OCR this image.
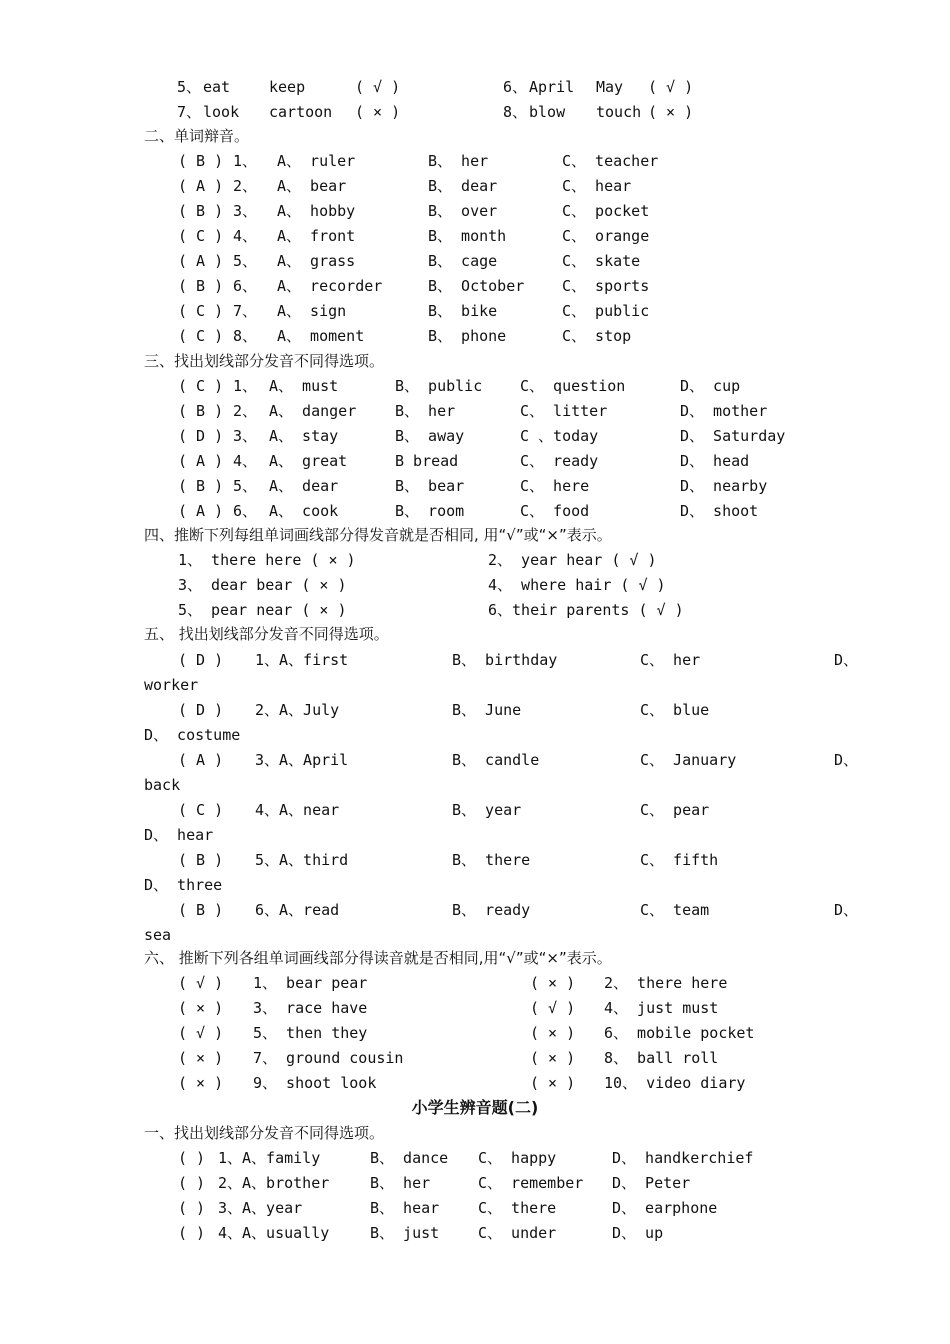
5、 eat	keep	( √ )	6、 April May ( √ )
7、 look cartoon ( × )	8、 blow touch ( × )
二、单词辩音。
( B ) 1、 A、 ruler	B、 her	C、 teacher
( A ) 2、 A、 bear	B、 dear	C、 hear
( B ) 3、 A、 hobby	B、 over	C、 pocket
( C ) 4、 A、 front	B、 month	C、 orange
( A ) 5、 A、 grass	B、 cage	C、 skate
( B ) 6、 A、 recorder	B、 October	C、 sports
( C ) 7、 A、 sign	B、 bike	C、 public
( C ) 8、 A、 moment	B、 phone	C、 stop
三、找出划线部分发音不同得选项。
( C ) 1、 A、 must	B、 public	C、 question	D、 cup
( B ) 2、 A、 danger	B、 her	C、 litter	D、 mother
( D ) 3、 A、 stay	B、 away	C 、today	D、 Saturday
( A ) 4、 A、 great	B bread	C、 ready	D、 head
( B ) 5、 A、 dear	B、 bear	C、 here	D、 nearby
( A ) 6、 A、 cook	B、 room	C、 food	D、 shoot
四、推断下列每组单词画线部分得发音就是否相同, 用“√”或“×”表示。
1、 there here ( × )	2、 year hear ( √ )
3、 dear bear ( × )	4、 where hair ( √ )
5、 pear near ( × )	6、their parents ( √ )
五、 找出划线部分发音不同得选项。
( D ) 1、A、first	B、 birthday	C、 her	D、
worker
( D ) 2、A、July	B、 June	C、 blue
D、 costume
( A ) 3、A、April	B、 candle	C、 January	D、
back
( C ) 4、A、near	B、 year	C、 pear
D、 hear
( B ) 5、A、third	B、 there	C、 fifth
D、 three
( B ) 6、A、read	B、 ready	C、 team	D、
sea
六、 推断下列各组单词画线部分得读音就是否相同,用“√”或“×”表示。
( √ ) 1、 bear pear	( × ) 2、 there here
( × ) 3、 race have	( √ ) 4、 just must
( √ ) 5、 then they	( × ) 6、 mobile pocket
( × ) 7、 ground cousin	( × ) 8、 ball roll
( × ) 9、 shoot look	( × ) 10、 video diary
小学生辨音题(二)
一、找出划线部分发音不同得选项。
( ) 1、A、family	B、 dance C、 happy	D、 handkerchief
( ) 2、A、brother	B、 her	C、 remember D、 Peter
( ) 3、A、year	B、 hear	C、 there	D、 earphone
( ) 4、A、usually	B、 just	C、 under	D、 up
